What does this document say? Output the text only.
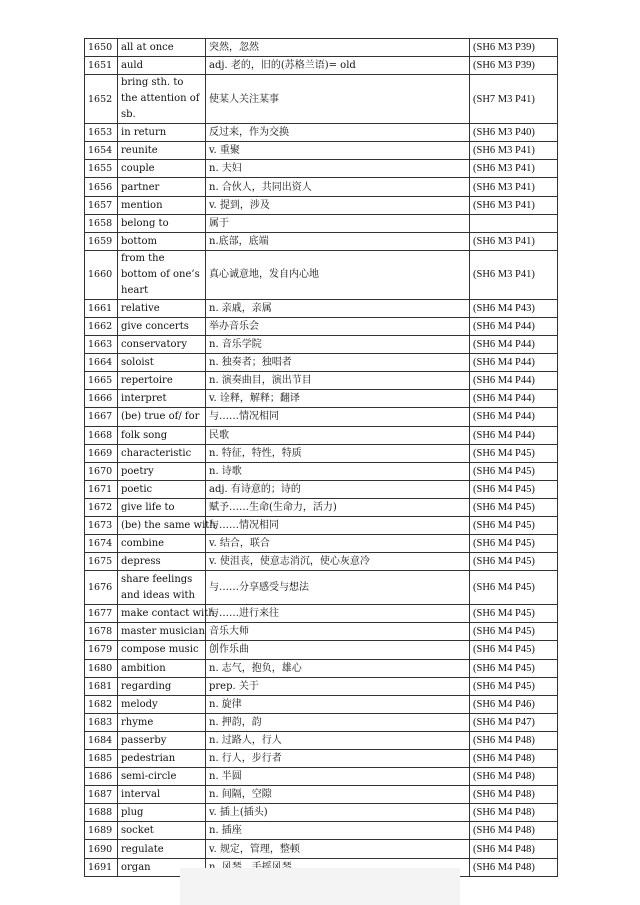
1650	all at once	突然，忽然	(SH6 M3 P39)
1651	auld	adj. 老的，旧的(苏格兰语)= old	(SH6 M3 P39)
1652	bring sth. to the attention of sb.	使某人关注某事	(SH7 M3 P41)
1653	in return	反过来，作为交换	(SH6 M3 P40)
1654	reunite	v. 重聚	(SH6 M3 P41)
1655	couple	n. 夫妇	(SH6 M3 P41)
1656	partner	n. 合伙人，共同出资人	(SH6 M3 P41)
1657	mention	v. 提到，涉及	(SH6 M3 P41)
1658	belong to	属于	
1659	bottom	n.底部，底端	(SH6 M3 P41)
1660	from the bottom of one’s heart	真心诚意地，发自内心地	(SH6 M3 P41)
1661	relative	n. 亲戚，亲属	(SH6 M4 P43)
1662	give concerts	举办音乐会	(SH6 M4 P44)
1663	conservatory	n. 音乐学院	(SH6 M4 P44)
1664	soloist	n. 独奏者；独唱者	(SH6 M4 P44)
1665	repertoire	n. 演奏曲目，演出节目	(SH6 M4 P44)
1666	interpret	v. 诠释，解释；翻译	(SH6 M4 P44)
1667	(be) true of/ for	与……情况相同	(SH6 M4 P44)
1668	folk song	民歌	(SH6 M4 P44)
1669	characteristic	n. 特征，特性，特质	(SH6 M4 P45)
1670	poetry	n. 诗歌	(SH6 M4 P45)
1671	poetic	adj. 有诗意的；诗的	(SH6 M4 P45)
1672	give life to	赋予……生命(生命力，活力)	(SH6 M4 P45)
1673	(be) the same with	与……情况相同	(SH6 M4 P45)
1674	combine	v. 结合，联合	(SH6 M4 P45)
1675	depress	v. 使沮丧，使意志消沉，使心灰意冷	(SH6 M4 P45)
1676	share feelings and ideas with	与……分享感受与想法	(SH6 M4 P45)
1677	make contact with	与……进行来往	(SH6 M4 P45)
1678	master musician	音乐大师	(SH6 M4 P45)
1679	compose music	创作乐曲	(SH6 M4 P45)
1680	ambition	n. 志气，抱负，雄心	(SH6 M4 P45)
1681	regarding	prep. 关于	(SH6 M4 P45)
1682	melody	n. 旋律	(SH6 M4 P46)
1683	rhyme	n. 押韵，韵	(SH6 M4 P47)
1684	passerby	n. 过路人，行人	(SH6 M4 P48)
1685	pedestrian	n. 行人，步行者	(SH6 M4 P48)
1686	semi-circle	n. 半圆	(SH6 M4 P48)
1687	interval	n. 间隔，空隙	(SH6 M4 P48)
1688	plug	v. 插上(插头)	(SH6 M4 P48)
1689	socket	n. 插座	(SH6 M4 P48)
1690	regulate	v. 规定，管理，整顿	(SH6 M4 P48)
1691	organ		(SH6 M4 P48)
